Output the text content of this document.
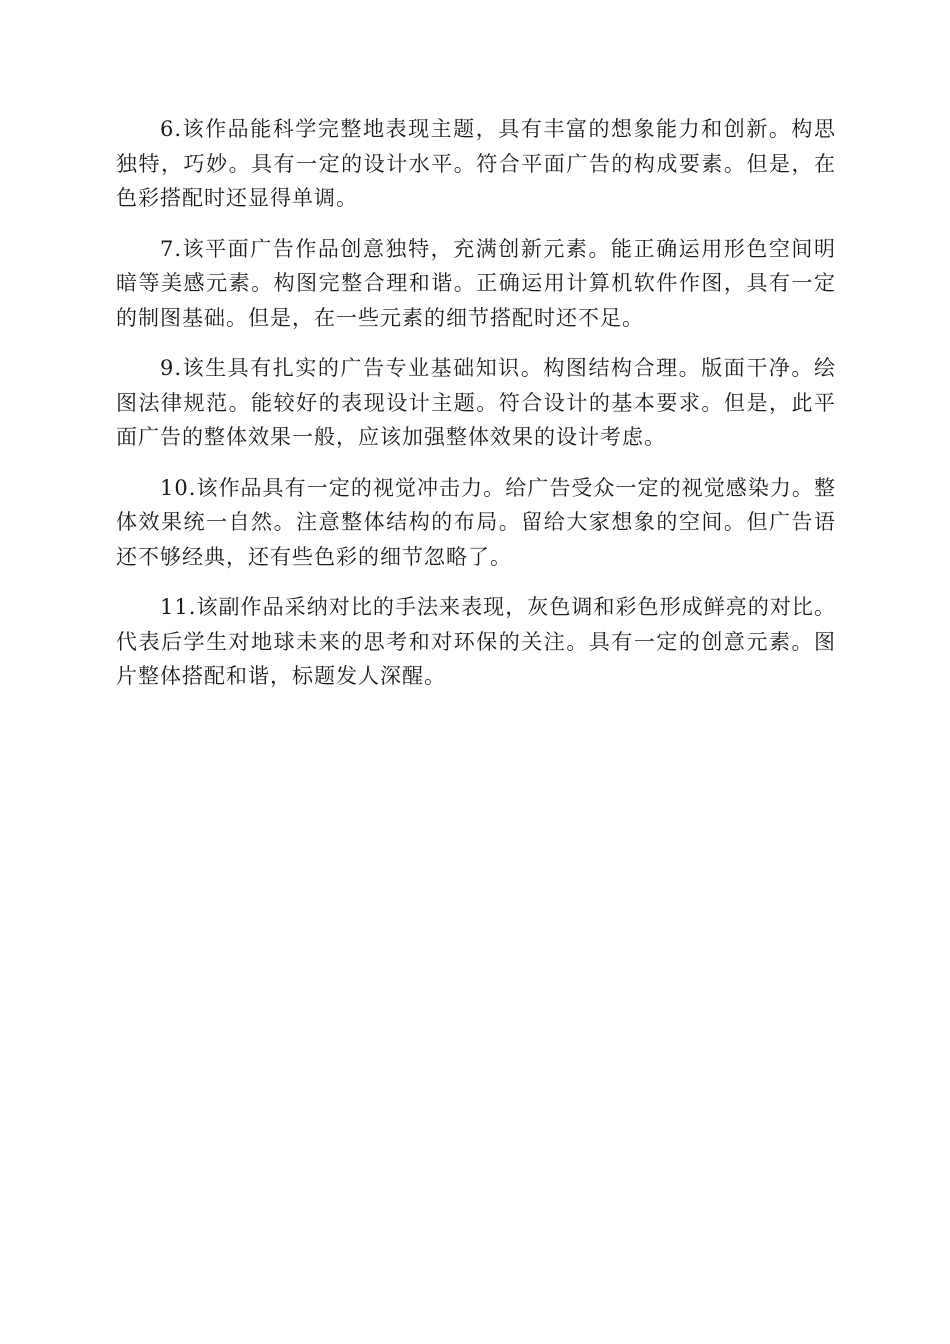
6.该作品能科学完整地表现主题，具有丰富的想象能力和创新。构思独特，巧妙。具有一定的设计水平。符合平面广告的构成要素。但是，在色彩搭配时还显得单调。

7.该平面广告作品创意独特，充满创新元素。能正确运用形色空间明暗等美感元素。构图完整合理和谐。正确运用计算机软件作图，具有一定的制图基础。但是，在一些元素的细节搭配时还不足。

9.该生具有扎实的广告专业基础知识。构图结构合理。版面干净。绘图法律规范。能较好的表现设计主题。符合设计的基本要求。但是，此平面广告的整体效果一般，应该加强整体效果的设计考虑。

10.该作品具有一定的视觉冲击力。给广告受众一定的视觉感染力。整体效果统一自然。注意整体结构的布局。留给大家想象的空间。但广告语还不够经典，还有些色彩的细节忽略了。

11.该副作品采纳对比的手法来表现，灰色调和彩色形成鲜亮的对比。代表后学生对地球未来的思考和对环保的关注。具有一定的创意元素。图片整体搭配和谐，标题发人深醒。
